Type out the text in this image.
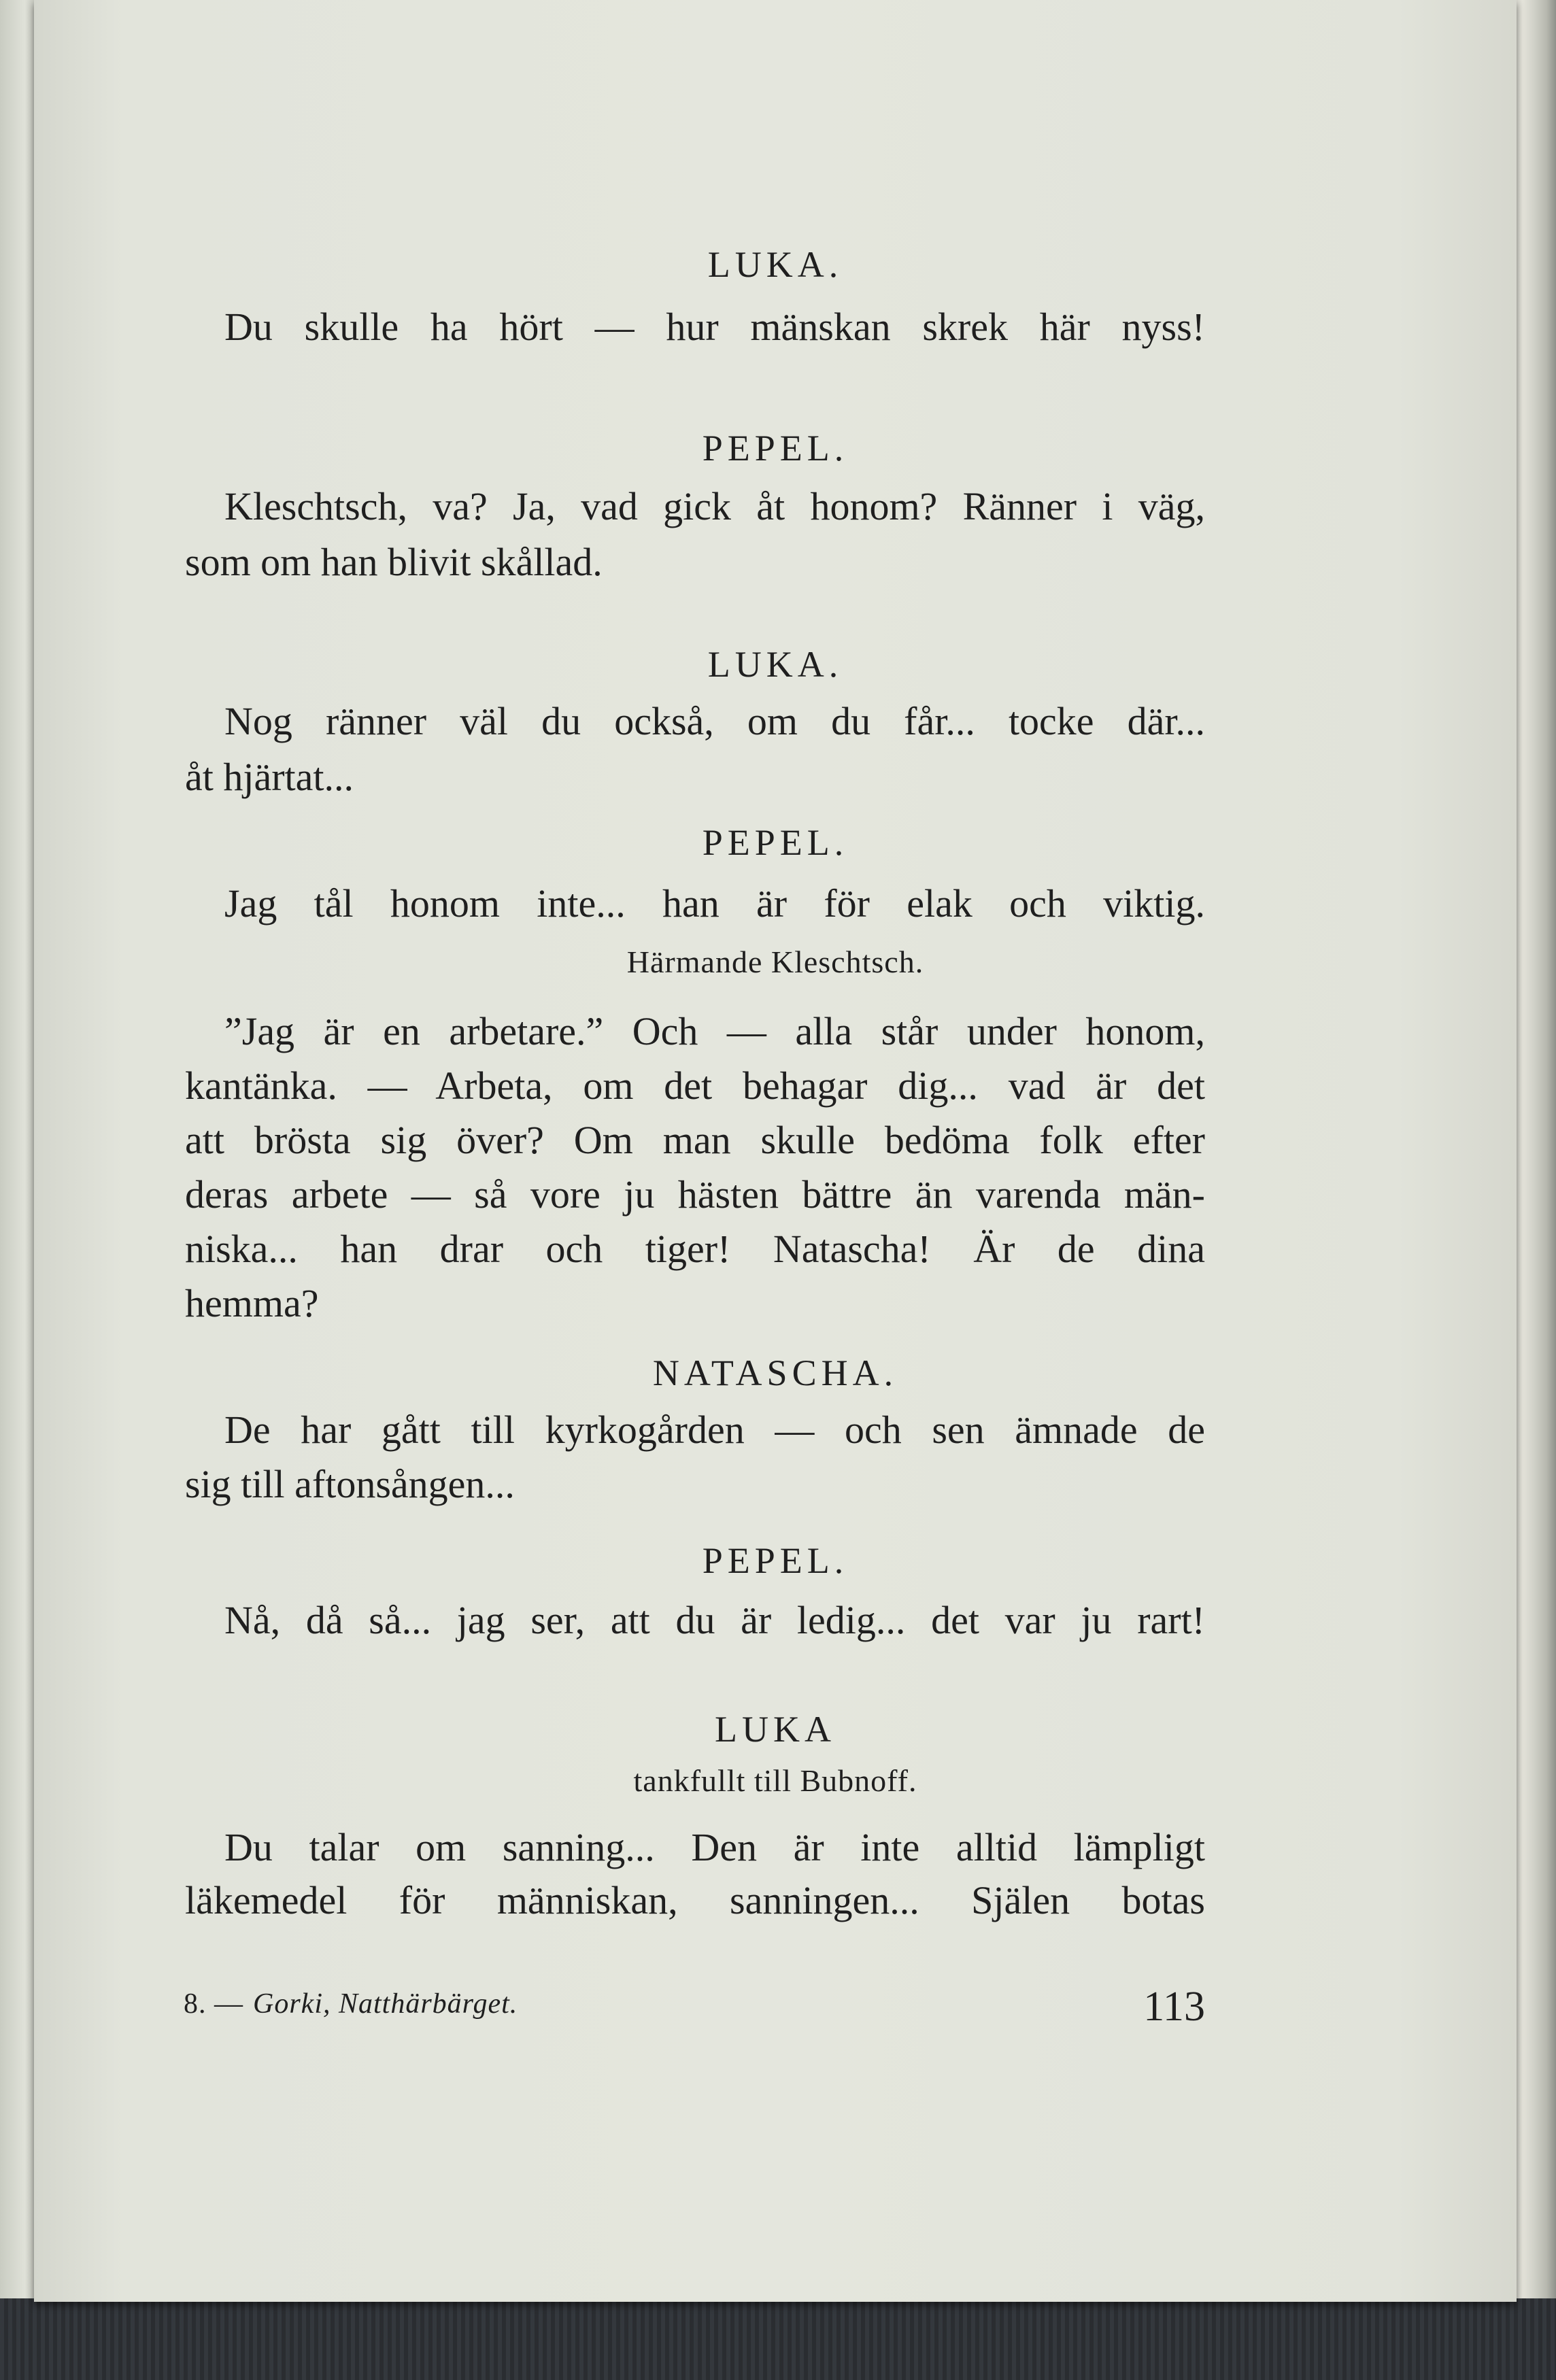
LUKA.
Du skulle ha hört — hur mänskan skrek här nyss!
PEPEL.
Kleschtsch, va? Ja, vad gick åt honom? Ränner i väg,
som om han blivit skållad.
LUKA.
Nog ränner väl du också, om du får... tocke där...
åt hjärtat...
PEPEL.
Jag tål honom inte... han är för elak och viktig.
Härmande Kleschtsch.
”Jag är en arbetare.” Och — alla står under honom,
kantänka. — Arbeta, om det behagar dig... vad är det
att brösta sig över? Om man skulle bedöma folk efter
deras arbete — så vore ju hästen bättre än varenda män-
niska... han drar och tiger! Natascha! Är de dina
hemma?
NATASCHA.
De har gått till kyrkogården — och sen ämnade de
sig till aftonsången...
PEPEL.
Nå, då så... jag ser, att du är ledig... det var ju rart!
LUKA
tankfullt till Bubnoff.
Du talar om sanning... Den är inte alltid lämpligt
läkemedel för människan, sanningen... Själen botas
8. — Gorki, Natthärbärget.	113
